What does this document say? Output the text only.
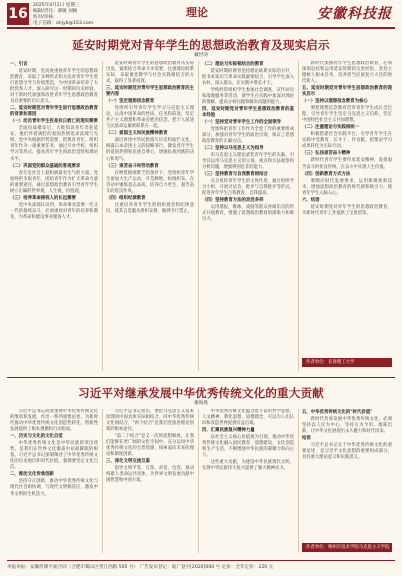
16
2025年4月2日 星期三
编辑/责任：谭敏 刘畅
校对/审核：
电子信箱：ahjyb@163.com
理论	安徽科技报
延安时期党对青年学生的思想政治教育及现实启示
戴世羽
一、引言

延安时期，党高度重视青年学生的思想政治教育，采取了多种形式和方法对青年学生进行思想引导与价值塑造，为中国革命培养了大批优秀人才。深入研究这一时期的历史经验，对于新时代加强和改进青年学生思想政治教育具有重要的启示意义。

二、延安时期党对青年学生进行思想政治教育的背景和原因
（一）动员青年学生投身抗日救亡的现实需要

全面抗战爆发后，大批知识青年奔赴延安，他们怀着满腔的爱国热情追求真理与光明。党中央根据形势需要，把教育青年、组织青年作为一项重要任务，通过开办学校、组织学习等形式，提高青年学生的政治觉悟和理论水平。

（二）巩固党的群众基础的客观要求

青年是社会上最积极最有生气的力量。党始终把争取青年、团结青年作为扩大革命力量的重要途径，通过思想政治教育引导青年学生树立正确的世界观、人生观、价值观。

（三）培养革命接班人的长远需要

党中央深刻认识到，革命事业需要一代又一代的接续奋斗，必须重视对青年的培养和教育，为革命和建设事业储备人才。

延安时期青年学生的思想政治教育从实际出发，紧密结合革命斗争需要，注重理论联系实际，采取课堂教学与社会实践相结合的方式，取得了显著成效。

三、延安时期党对青年学生思想政治教育的主要内容
（一）坚定理想信念教育

党组织引导青年学生学习马克思主义理论，认清中国革命的性质、任务和前途，坚定共产主义理想和革命必胜的信念，把个人前途与民族命运紧密联系在一起。

（二）爱国主义和民族精神教育

通过讲述中华民族悠久历史和灿烂文化，揭露日本帝国主义的侵略罪行，激发青年学生的爱国热情和民族自尊心，增强抗战到底的决心和勇气。

（三）艰苦奋斗和劳动教育

在物资极端匮乏的条件下，党组织青年学生参加大生产运动，开荒种地、纺线织布，在劳动中锤炼意志品质，培养自力更生、艰苦奋斗的优良作风。

（四）组织纪律教育

注重培养青年学生的组织观念和纪律意识，使其自觉服从组织安排，做到令行禁止。

（二）理论与实际相结合的教育

延安时期的教育坚持理论联系实际的方针，把书本知识与革命实践紧密结合，引导学生深入农村、深入群众，在实践中增长才干。

学校经常组织学生参加社会调查、宣传动员和战地服务等活动，使学生在实践中加深对理论的理解，提高分析问题和解决问题的能力。

四、延安时期党对青年学生思想政治教育的基本经验
（一）坚持党对青年学生工作的全面领导

党始终把青年工作作为全党工作的重要组成部分，加强对青年学生的政治引领，保证了思想政治教育的正确方向。

（二）坚持以马克思主义为指导

用马克思主义理论武装青年学生的头脑，引导其运用马克思主义的立场、观点和方法观察和分析问题，增强辨别是非的能力。

（三）坚持教育与自我教育相结合

充分发挥青年学生的主体作用，通过组织学习小组、开展讨论会、批评与自我批评等形式，促进青年学生自我教育、自我提高。

（四）坚持教育方法的灵活多样

运用墙报、歌咏、戏剧等群众喜闻乐见的形式开展教育，增强了思想政治教育的感染力和吸引力。

新时代加强青年学生思想政治教育，必须深刻总结和运用延安时期的宝贵经验，坚持立德树人根本任务，培养担当民族复兴大任的时代新人。

五、延安时期党对青年学生思想政治教育的现实启示
（一）坚持以理想信念教育为核心

要把理想信念教育贯穿青年学生成长全过程，引导青年学生坚定马克思主义信仰，坚定中国特色社会主义共同理想。

（二）注重理论与实践相统一

积极搭建社会实践平台，引导青年学生在实践中受教育、长才干、作贡献，把理论学习成果转化为实际行动。

（三）弘扬艰苦奋斗精神

新时代青年学生要传承延安精神，发扬艰苦奋斗的优良传统，在奋斗中实现人生价值。

（四）创新教育方式方法

要顺应时代发展要求，运用新媒体新技术，增强思想政治教育的时代感和吸引力，使青年学生入脑入心。

六、结语

延安时期党对青年学生的思想政治教育，为新时代青年工作提供了宝贵借鉴。

作者单位：长春理工大学
习近平对继承发展中华优秀传统文化的重大贡献
谢海燕

习近平总书记高度重视中华优秀传统文化的继承和发展，作出一系列重要论述，为新时代推动中华优秀传统文化创造性转化、创新性发展提供了根本遵循和行动指南。

一、历史与文化的文化自觉

中华优秀传统文化是中华民族的突出优势，是我们在世界文化激荡中站稳脚跟的根基。习近平总书记深刻阐述了中华优秀传统文化的历史地位和时代价值，强调要坚定文化自信。

二、推动文化传承创新

坚持守正创新，推动中华优秀传统文化与现代社会相协调、与现代文明相适应，激发中华文明的生机活力。

习近平总书记指出，要把马克思主义基本原理同中国具体实际相结合、同中华优秀传统文化相结合，"两个结合"是我们党推进理论创新的根本途径。

"第二个结合"是又一次的思想解放，让我们能够在更广阔的文化空间中，充分运用中华优秀传统文化的宝贵资源，探索面向未来的理论和制度创新。

三、深化文明交流互鉴

倡导文明平等、互鉴、对话、包容，推动构建人类命运共同体，为世界文明发展贡献中国智慧和中国方案。

中华优秀传统文化蕴含着丰富的哲学思想、人文精神、教化思想、道德理念，可以为人们认识和改造世界提供有益启迪。

四、汇聚民族复兴精神力量

以社会主义核心价值观为引领，推动中华优秀传统文化融入国民教育、道德建设、文化创造和生产生活，不断增强中华民族的凝聚力和向心力。

这些重大贡献，为建设中华民族现代文明、实现中华民族伟大复兴提供了强大精神动力。

五、中华优秀传统文化的"时代价值"

新时代传承发展中华优秀传统文化，必须坚持以人民为中心，坚持古为今用、推陈出新，让中华文化展现出永久魅力和时代风采。

结语

习近平总书记关于中华优秀传统文化的重要论述，是习近平文化思想的重要组成部分，具有重大理论意义和实践意义。

作者单位：梅州市技术学院马克思主义学院
举报举报：安徽传媒平面合同（合肥市蜀山区望江西路 505 号） 广告发布登记：皖广登字[2020]000 号 定价：全年定价：220 元
